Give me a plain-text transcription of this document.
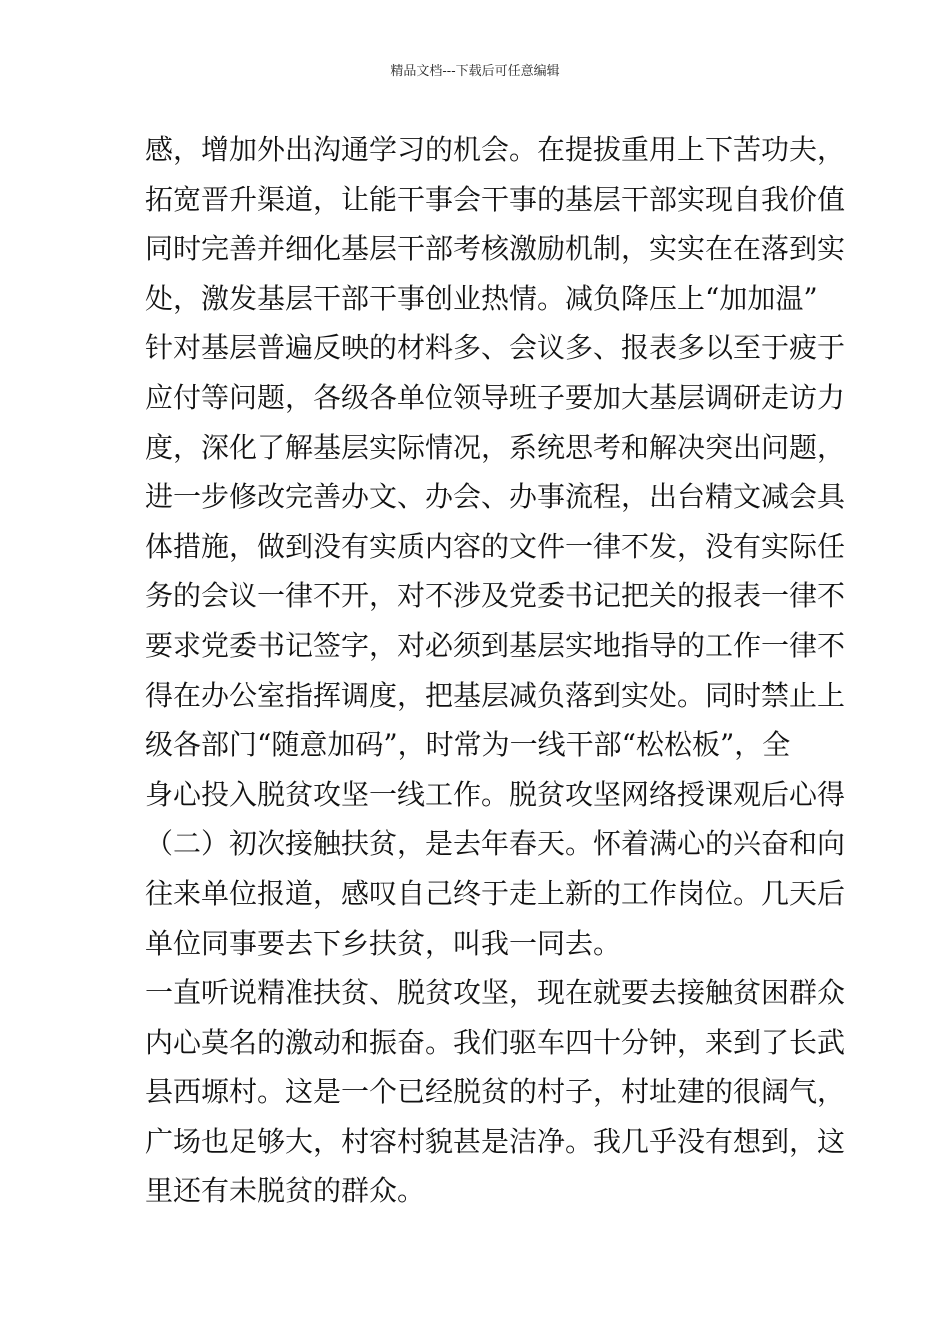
精品文档---下载后可任意编辑
感，增加外出沟通学习的机会。在提拔重用上下苦功夫，
拓宽晋升渠道，让能干事会干事的基层干部实现自我价值
同时完善并细化基层干部考核激励机制，实实在在落到实
处，激发基层干部干事创业热情。减负降压上“加加温”
针对基层普遍反映的材料多、会议多、报表多以至于疲于
应付等问题，各级各单位领导班子要加大基层调研走访力
度，深化了解基层实际情况，系统思考和解决突出问题，
进一步修改完善办文、办会、办事流程，出台精文减会具
体措施，做到没有实质内容的文件一律不发，没有实际任
务的会议一律不开，对不涉及党委书记把关的报表一律不
要求党委书记签字，对必须到基层实地指导的工作一律不
得在办公室指挥调度，把基层减负落到实处。同时禁止上
级各部门“随意加码”，时常为一线干部“松松板”，全
身心投入脱贫攻坚一线工作。脱贫攻坚网络授课观后心得
（二）初次接触扶贫，是去年春天。怀着满心的兴奋和向
往来单位报道，感叹自己终于走上新的工作岗位。几天后
单位同事要去下乡扶贫，叫我一同去。
一直听说精准扶贫、脱贫攻坚，现在就要去接触贫困群众
内心莫名的激动和振奋。我们驱车四十分钟，来到了长武
县西塬村。这是一个已经脱贫的村子，村址建的很阔气，
广场也足够大，村容村貌甚是洁净。我几乎没有想到，这
里还有未脱贫的群众。
